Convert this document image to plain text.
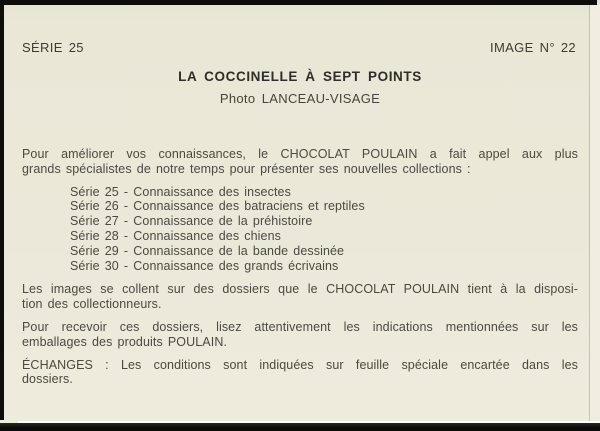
SÉRIE 25	IMAGE N° 22
LA COCCINELLE À SEPT POINTS
Photo LANCEAU-VISAGE
Pour améliorer vos connaissances, le CHOCOLAT POULAIN a fait appel aux plus
grands spécialistes de notre temps pour présenter ses nouvelles collections :
Série 25 - Connaissance des insectes
Série 26 - Connaissance des batraciens et reptiles
Série 27 - Connaissance de la préhistoire
Série 28 - Connaissance des chiens
Série 29 - Connaissance de la bande dessinée
Série 30 - Connaissance des grands écrivains
Les images se collent sur des dossiers que le CHOCOLAT POULAIN tient à la disposi-
tion des collectionneurs.
Pour recevoir ces dossiers, lisez attentivement les indications mentionnées sur les
emballages des produits POULAIN.
ÉCHANGES : Les conditions sont indiquées sur feuille spéciale encartée dans les
dossiers.
